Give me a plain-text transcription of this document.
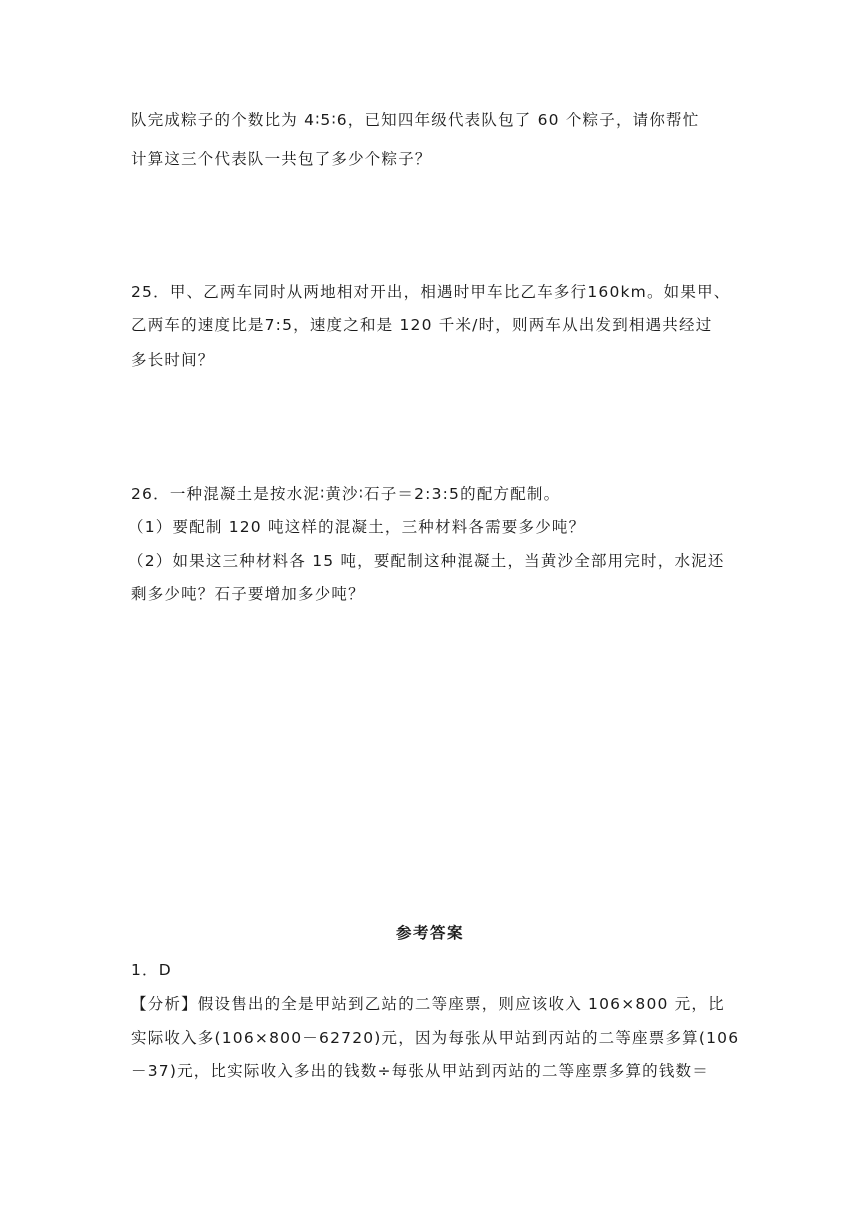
队完成粽子的个数比为 4∶5∶6，已知四年级代表队包了 60 个粽子，请你帮忙
计算这三个代表队一共包了多少个粽子？
25．甲、乙两车同时从两地相对开出，相遇时甲车比乙车多行160km。如果甲、
乙两车的速度比是7:5，速度之和是 120 千米/时，则两车从出发到相遇共经过
多长时间？
26．一种混凝土是按水泥∶黄沙∶石子＝2:3:5的配方配制。
（1）要配制 120 吨这样的混凝土，三种材料各需要多少吨？
（2）如果这三种材料各 15 吨，要配制这种混凝土，当黄沙全部用完时，水泥还
剩多少吨？石子要增加多少吨？
参考答案
1．D
【分析】假设售出的全是甲站到乙站的二等座票，则应该收入 106×800 元，比
实际收入多(106×800－62720)元，因为每张从甲站到丙站的二等座票多算(106
－37)元，比实际收入多出的钱数÷每张从甲站到丙站的二等座票多算的钱数＝
